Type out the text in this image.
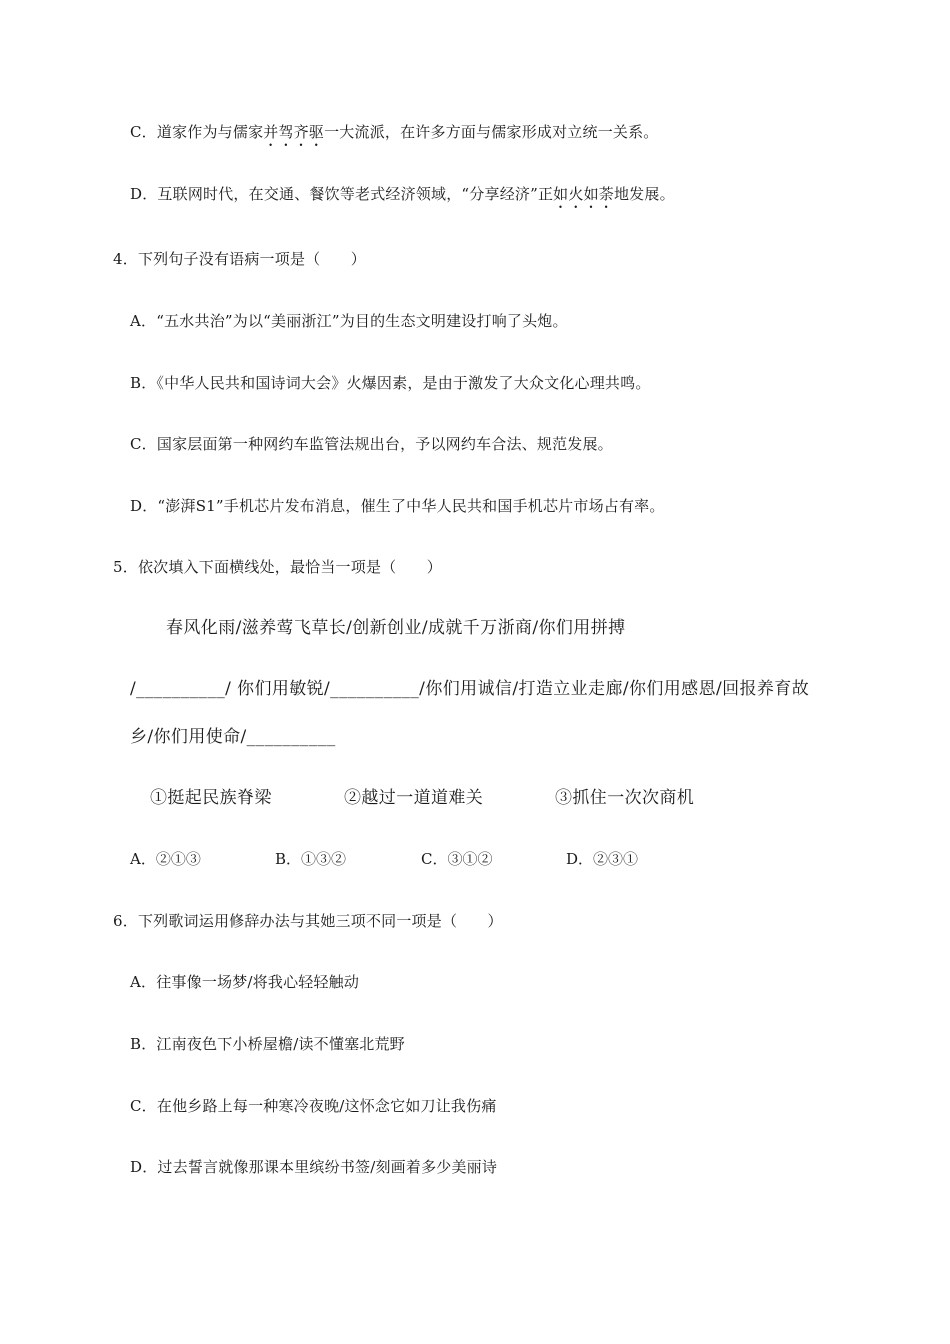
C．道家作为与儒家并驾齐驱一大流派，在许多方面与儒家形成对立统一关系。
D．互联网时代，在交通、餐饮等老式经济领域，“分享经济”正如火如荼地发展。
4．下列句子没有语病一项是（　　）
A．“五水共治”为以“美丽浙江”为目的生态文明建设打响了头炮。
B．《中华人民共和国诗词大会》火爆因素，是由于激发了大众文化心理共鸣。
C．国家层面第一种网约车监管法规出台，予以网约车合法、规范发展。
D．“澎湃S1”手机芯片发布消息，催生了中华人民共和国手机芯片市场占有率。
5．依次填入下面横线处，最恰当一项是（　　）
春风化雨/滋养莺飞草长/创新创业/成就千万浙商/你们用拼搏
/__________/ 你们用敏锐/__________/你们用诚信/打造立业走廊/你们用感恩/回报养育故
乡/你们用使命/__________
①挺起民族脊梁	②越过一道道难关	③抓住一次次商机
A．②①③	B．①③②	C．③①②	D．②③①
6．下列歌词运用修辞办法与其她三项不同一项是（　　）
A．往事像一场梦/将我心轻轻触动
B．江南夜色下小桥屋檐/读不懂塞北荒野
C．在他乡路上每一种寒冷夜晚/这怀念它如刀让我伤痛
D．过去誓言就像那课本里缤纷书签/刻画着多少美丽诗
